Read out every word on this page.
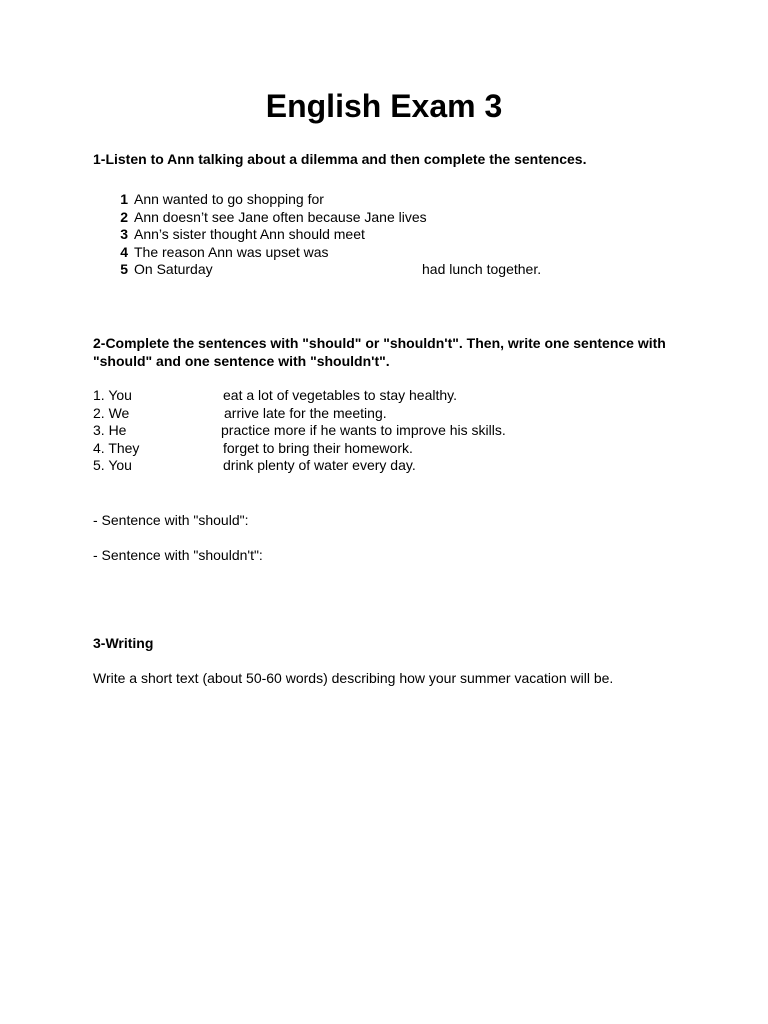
English Exam 3
1-Listen to Ann talking about a dilemma and then complete the sentences.
1 Ann wanted to go shopping for
2 Ann doesn’t see Jane often because Jane lives
3 Ann’s sister thought Ann should meet
4 The reason Ann was upset was
5 On Saturday	had lunch together.
2-Complete the sentences with "should" or "shouldn't". Then, write one sentence with "should" and one sentence with "shouldn't".
1. You	eat a lot of vegetables to stay healthy.
2. We	arrive late for the meeting.
3. He	practice more if he wants to improve his skills.
4. They	forget to bring their homework.
5. You	drink plenty of water every day.
- Sentence with "should":
- Sentence with "shouldn't":
3-Writing
Write a short text (about 50-60 words) describing how your summer vacation will be.
